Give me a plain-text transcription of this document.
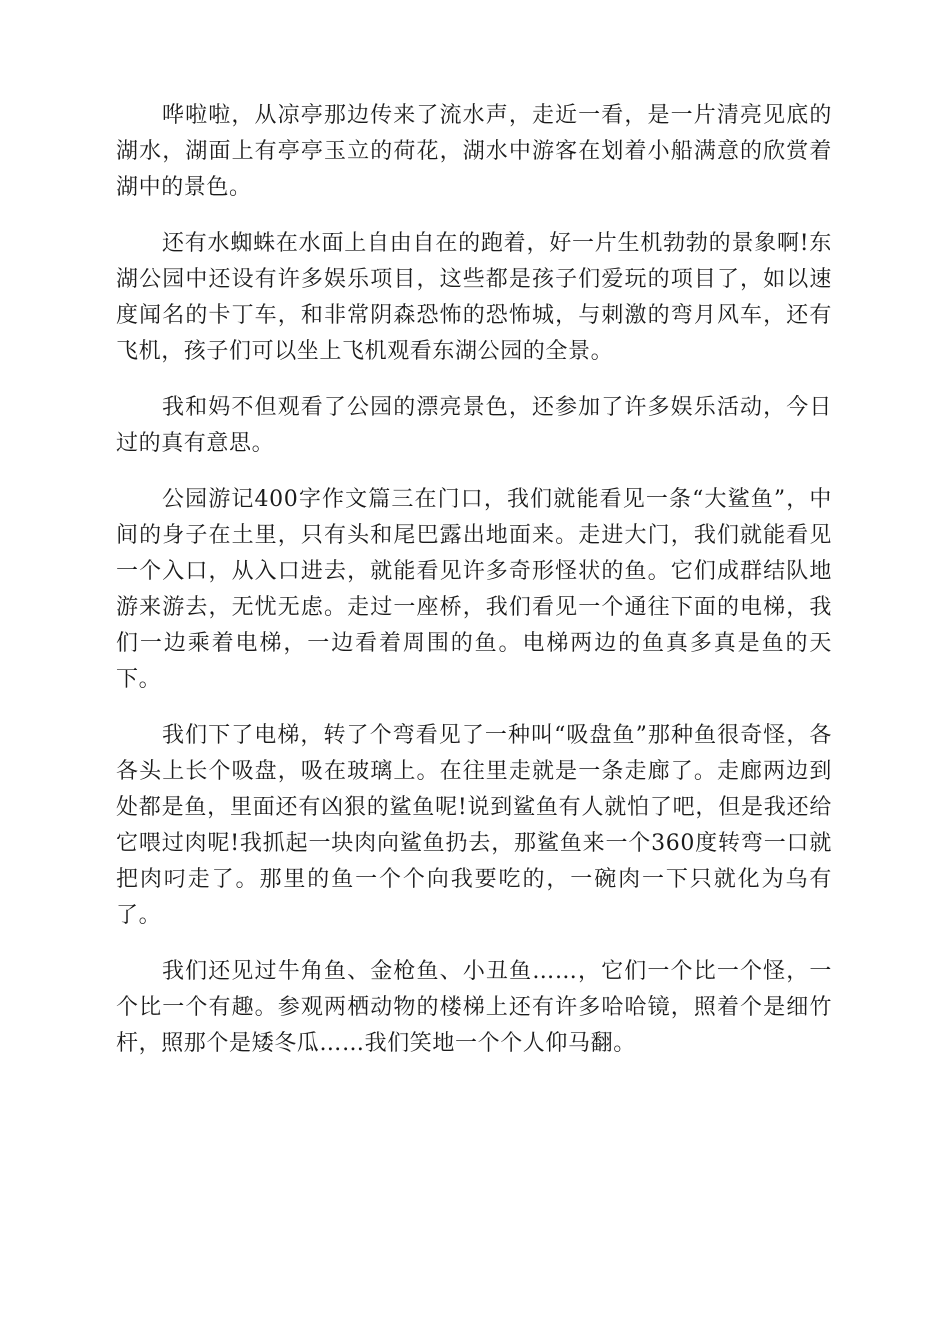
哗啦啦，从凉亭那边传来了流水声，走近一看，是一片清亮见底的湖水，湖面上有亭亭玉立的荷花，湖水中游客在划着小船满意的欣赏着湖中的景色。

还有水蜘蛛在水面上自由自在的跑着，好一片生机勃勃的景象啊!东湖公园中还设有许多娱乐项目，这些都是孩子们爱玩的项目了，如以速度闻名的卡丁车，和非常阴森恐怖的恐怖城，与刺激的弯月风车，还有飞机，孩子们可以坐上飞机观看东湖公园的全景。

我和妈不但观看了公园的漂亮景色，还参加了许多娱乐活动，今日过的真有意思。

公园游记400字作文篇三在门口，我们就能看见一条“大鲨鱼”，中间的身子在土里，只有头和尾巴露出地面来。走进大门，我们就能看见一个入口，从入口进去，就能看见许多奇形怪状的鱼。它们成群结队地游来游去，无忧无虑。走过一座桥，我们看见一个通往下面的电梯，我们一边乘着电梯，一边看着周围的鱼。电梯两边的鱼真多真是鱼的天下。

我们下了电梯，转了个弯看见了一种叫“吸盘鱼”那种鱼很奇怪，各各头上长个吸盘，吸在玻璃上。在往里走就是一条走廊了。走廊两边到处都是鱼，里面还有凶狠的鲨鱼呢!说到鲨鱼有人就怕了吧，但是我还给它喂过肉呢!我抓起一块肉向鲨鱼扔去，那鲨鱼来一个360度转弯一口就把肉叼走了。那里的鱼一个个向我要吃的，一碗肉一下只就化为乌有了。

我们还见过牛角鱼、金枪鱼、小丑鱼……，它们一个比一个怪，一个比一个有趣。参观两栖动物的楼梯上还有许多哈哈镜，照着个是细竹杆，照那个是矮冬瓜……我们笑地一个个人仰马翻。
